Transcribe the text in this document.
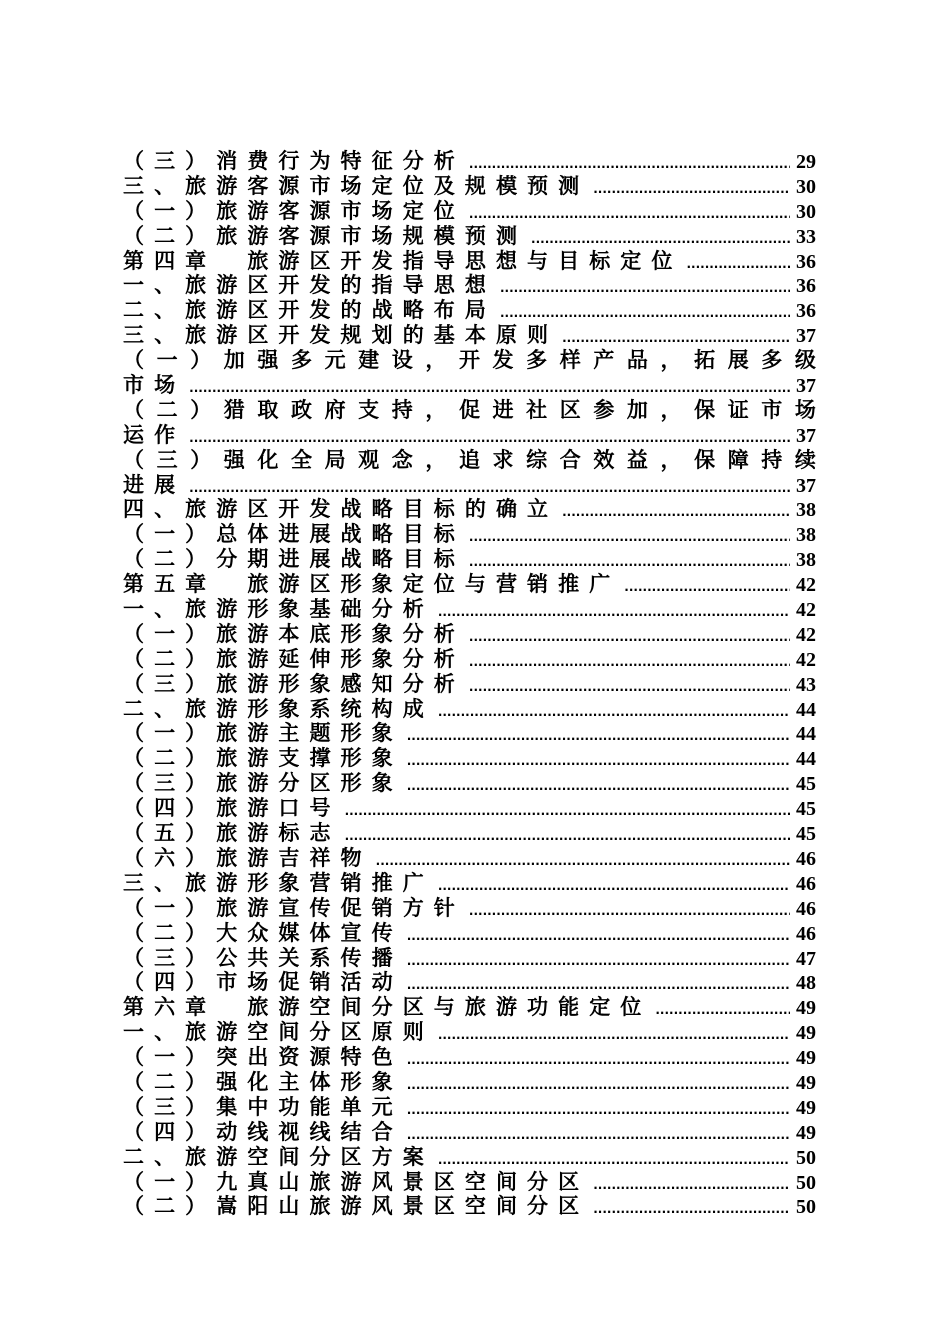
（三）消费行为特征分析 .....	29
三、旅游客源市场定位及规模预测 .....	30
（一）旅游客源市场定位 .....	30
（二）旅游客源市场规模预测 .....	33
第四章　旅游区开发指导思想与目标定位 .....	36
一、旅游区开发的指导思想 .....	36
二、旅游区开发的战略布局 .....	36
三、旅游区开发规划的基本原则 .....	37
（ 一 ） 加 强 多 元 建 设 ， 开 发 多 样 产 品 ， 拓 展 多 级
市场 .....	37
（ 二 ） 猎 取 政 府 支 持 ， 促 进 社 区 参 加 ， 保 证 市 场
运作 .....	37
（ 三 ） 强 化 全 局 观 念 ， 追 求 综 合 效 益 ， 保 障 持 续
进展 .....	37
四、旅游区开发战略目标的确立 .....	38
（一）总体进展战略目标 .....	38
（二）分期进展战略目标 .....	38
第五章　旅游区形象定位与营销推广 .....	42
一、旅游形象基础分析 .....	42
（一）旅游本底形象分析 .....	42
（二）旅游延伸形象分析 .....	42
（三）旅游形象感知分析 .....	43
二、旅游形象系统构成 .....	44
（一）旅游主题形象 .....	44
（二）旅游支撑形象 .....	44
（三）旅游分区形象 .....	45
（四）旅游口号 .....	45
（五）旅游标志 .....	45
（六）旅游吉祥物 .....	46
三、旅游形象营销推广 .....	46
（一）旅游宣传促销方针 .....	46
（二）大众媒体宣传 .....	46
（三）公共关系传播 .....	47
（四）市场促销活动 .....	48
第六章　旅游空间分区与旅游功能定位 .....	49
一、旅游空间分区原则 .....	49
（一）突出资源特色 .....	49
（二）强化主体形象 .....	49
（三）集中功能单元 .....	49
（四）动线视线结合 .....	49
二、旅游空间分区方案 .....	50
（一）九真山旅游风景区空间分区 .....	50
（二）嵩阳山旅游风景区空间分区 .....	50
